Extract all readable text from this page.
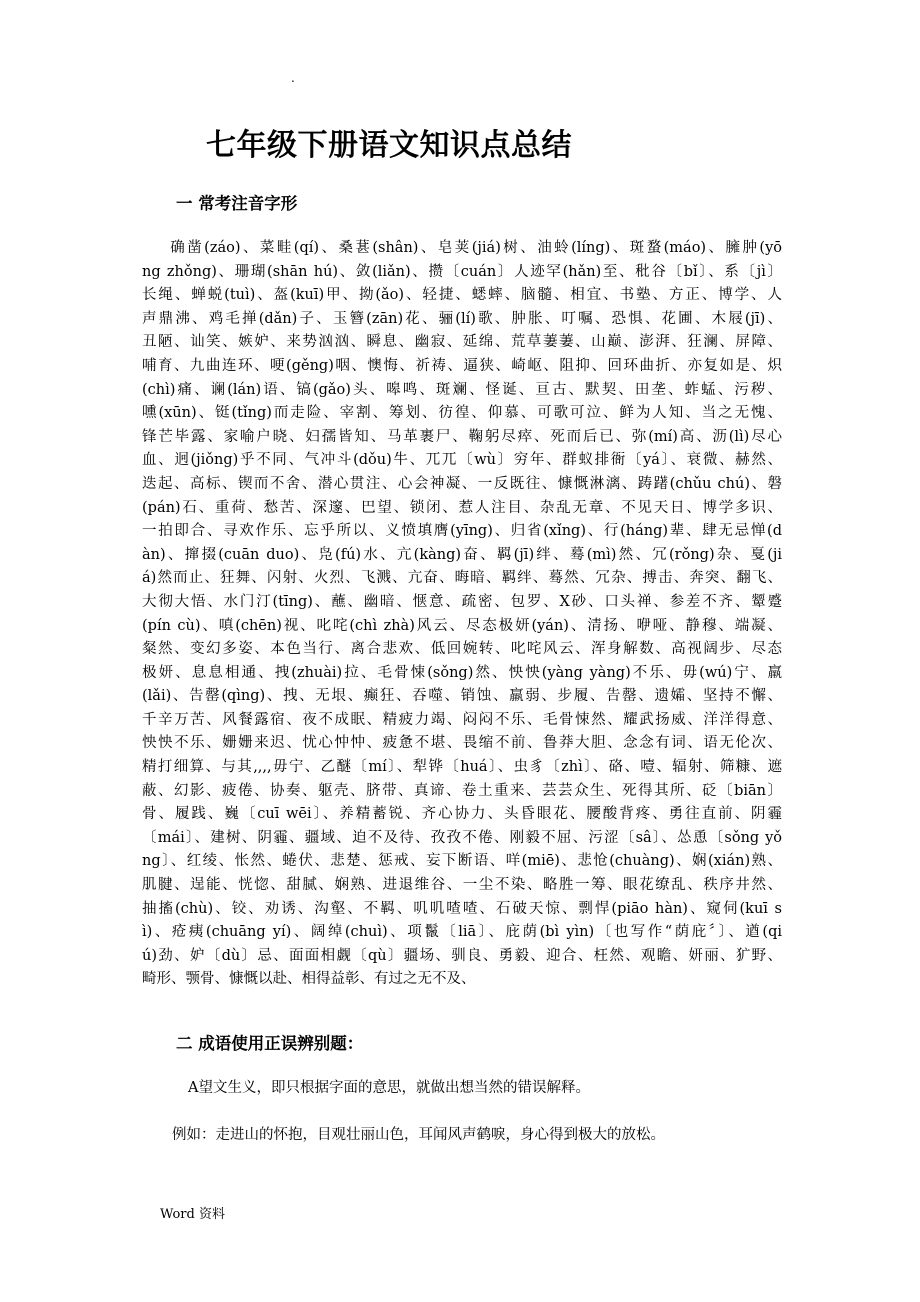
.
七年级下册语文知识点总结
一 常考注音字形
确凿(záo)、菜畦(qí)、桑葚(shân)、皂荚(jiá)树、油蛉(líng)、斑蝥(máo)、臃肿(yō
ng zhǒng)、珊瑚(shān hú)、敛(liǎn)、攒〔cuán〕人迹罕(hǎn)至、秕谷〔bǐ〕、系〔jì〕
长绳、蝉蜕(tuì)、盔(kuī)甲、拗(ǎo)、轻捷、蟋蟀、脑髓、相宜、书塾、方正、博学、人
声鼎沸、鸡毛掸(dǎn)子、玉簪(zān)花、骊(lí)歌、肿胀、叮嘱、恐惧、花圃、木屐(jī)、
丑陋、讪笑、嫉妒、来势汹汹、瞬息、幽寂、延绵、荒草萋萋、山巅、澎湃、狂澜、屏障、
哺育、九曲连环、哽(gěng)咽、懊悔、祈祷、逼狭、崎岖、阻抑、回环曲折、亦复如是、炽
(chì)痛、谰(lán)语、镐(gǎo)头、嗥鸣、斑斓、怪诞、亘古、默契、田垄、蚱蜢、污秽、
嚑(xūn)、铤(tǐng)而走险、宰割、筹划、彷徨、仰慕、可歌可泣、鲜为人知、当之无愧、
锋芒毕露、家喻户晓、妇孺皆知、马革裹尸、鞠躬尽瘁、死而后已、弥(mí)高、沥(lì)尽心
血、迥(jiǒng)乎不同、气冲斗(dǒu)牛、兀兀〔wù〕穷年、群蚁排衙〔yá〕、衰微、赫然、
迭起、高标、锲而不舍、潜心贯注、心会神凝、一反既往、慷慨淋漓、踌躇(chǔu chú)、磐
(pán)石、重荷、愁苦、深邃、巴望、锁闭、惹人注目、杂乱无章、不见天日、博学多识、
一拍即合、寻欢作乐、忘乎所以、义愤填膺(yīng)、归省(xǐng)、行(háng)辈、肆无忌惮(d
àn)、撺掇(cuān duo)、凫(fú)水、亢(kàng)奋、羁(jī)绊、蓦(mì)然、冗(rǒng)杂、戛(ji
á)然而止、狂舞、闪射、火烈、飞溅、亢奋、晦暗、羁绊、蓦然、冗杂、搏击、奔突、翻飞、
大彻大悟、水门汀(tīng)、蘸、幽暗、惬意、疏密、包罗、X砂、口头禅、参差不齐、颦蹙
(pín cù)、嗔(chēn)视、叱咤(chì zhà)风云、尽态极妍(yán)、清扬、咿哑、静穆、端凝、
粲然、变幻多姿、本色当行、离合悲欢、低回婉转、叱咤风云、浑身解数、高视阔步、尽态
极妍、息息相通、拽(zhuài)拉、毛骨悚(sǒng)然、怏怏(yàng yàng)不乐、毋(wú)宁、羸
(lǎi)、告罄(qìng)、拽、无垠、癫狂、吞噬、销蚀、羸弱、步履、告罄、遗孀、坚持不懈、
千辛万苦、风餐露宿、夜不成眠、精疲力竭、闷闷不乐、毛骨悚然、耀武扬威、洋洋得意、
怏怏不乐、姗姗来迟、忧心忡忡、疲惫不堪、畏缩不前、鲁莽大胆、念念有词、语无伦次、
精打细算、与其,,,,毋宁、乙醚〔mí〕、犁铧〔huá〕、虫豸〔zhì〕、硌、噎、辐射、筛糠、遮
蔽、幻影、疲倦、协奏、躯壳、脐带、真谛、卷土重来、芸芸众生、死得其所、砭〔biān〕
骨、履践、巍〔cuī wēi〕、养精蓄锐、齐心协力、头昏眼花、腰酸背疼、勇往直前、阴霾
〔mái〕、建树、阴霾、疆域、迫不及待、孜孜不倦、刚毅不屈、污涩〔sâ〕、怂恿〔sǒng yǒ
ng〕、红绫、怅然、蜷伏、悲楚、惩戒、妄下断语、咩(miē)、悲怆(chuàng)、娴(xián)熟、
肌腱、逞能、恍惚、甜腻、娴熟、进退维谷、一尘不染、略胜一筹、眼花缭乱、秩序井然、
抽搐(chù)、铰、劝诱、沟壑、不羁、叽叽喳喳、石破天惊、剽悍(piāo hàn)、窥伺(kuī s
ì)、疮痍(chuāng yí)、阔绰(chuì)、项鬣〔liā〕、庇荫(bì yìn)〔也写作“荫庇〞〕、遒(qi
ú)劲、妒〔dù〕忌、面面相觑〔qù〕疆场、驯良、勇毅、迎合、枉然、观瞻、妍丽、犷野、
畸形、颚骨、慷慨以赴、相得益彰、有过之无不及、
二 成语使用正误辨别题：
A望文生义，即只根据字面的意思，就做出想当然的错误解释。
例如：走进山的怀抱，目观壮丽山色，耳闻风声鹤唳，身心得到极大的放松。
Word 资料
